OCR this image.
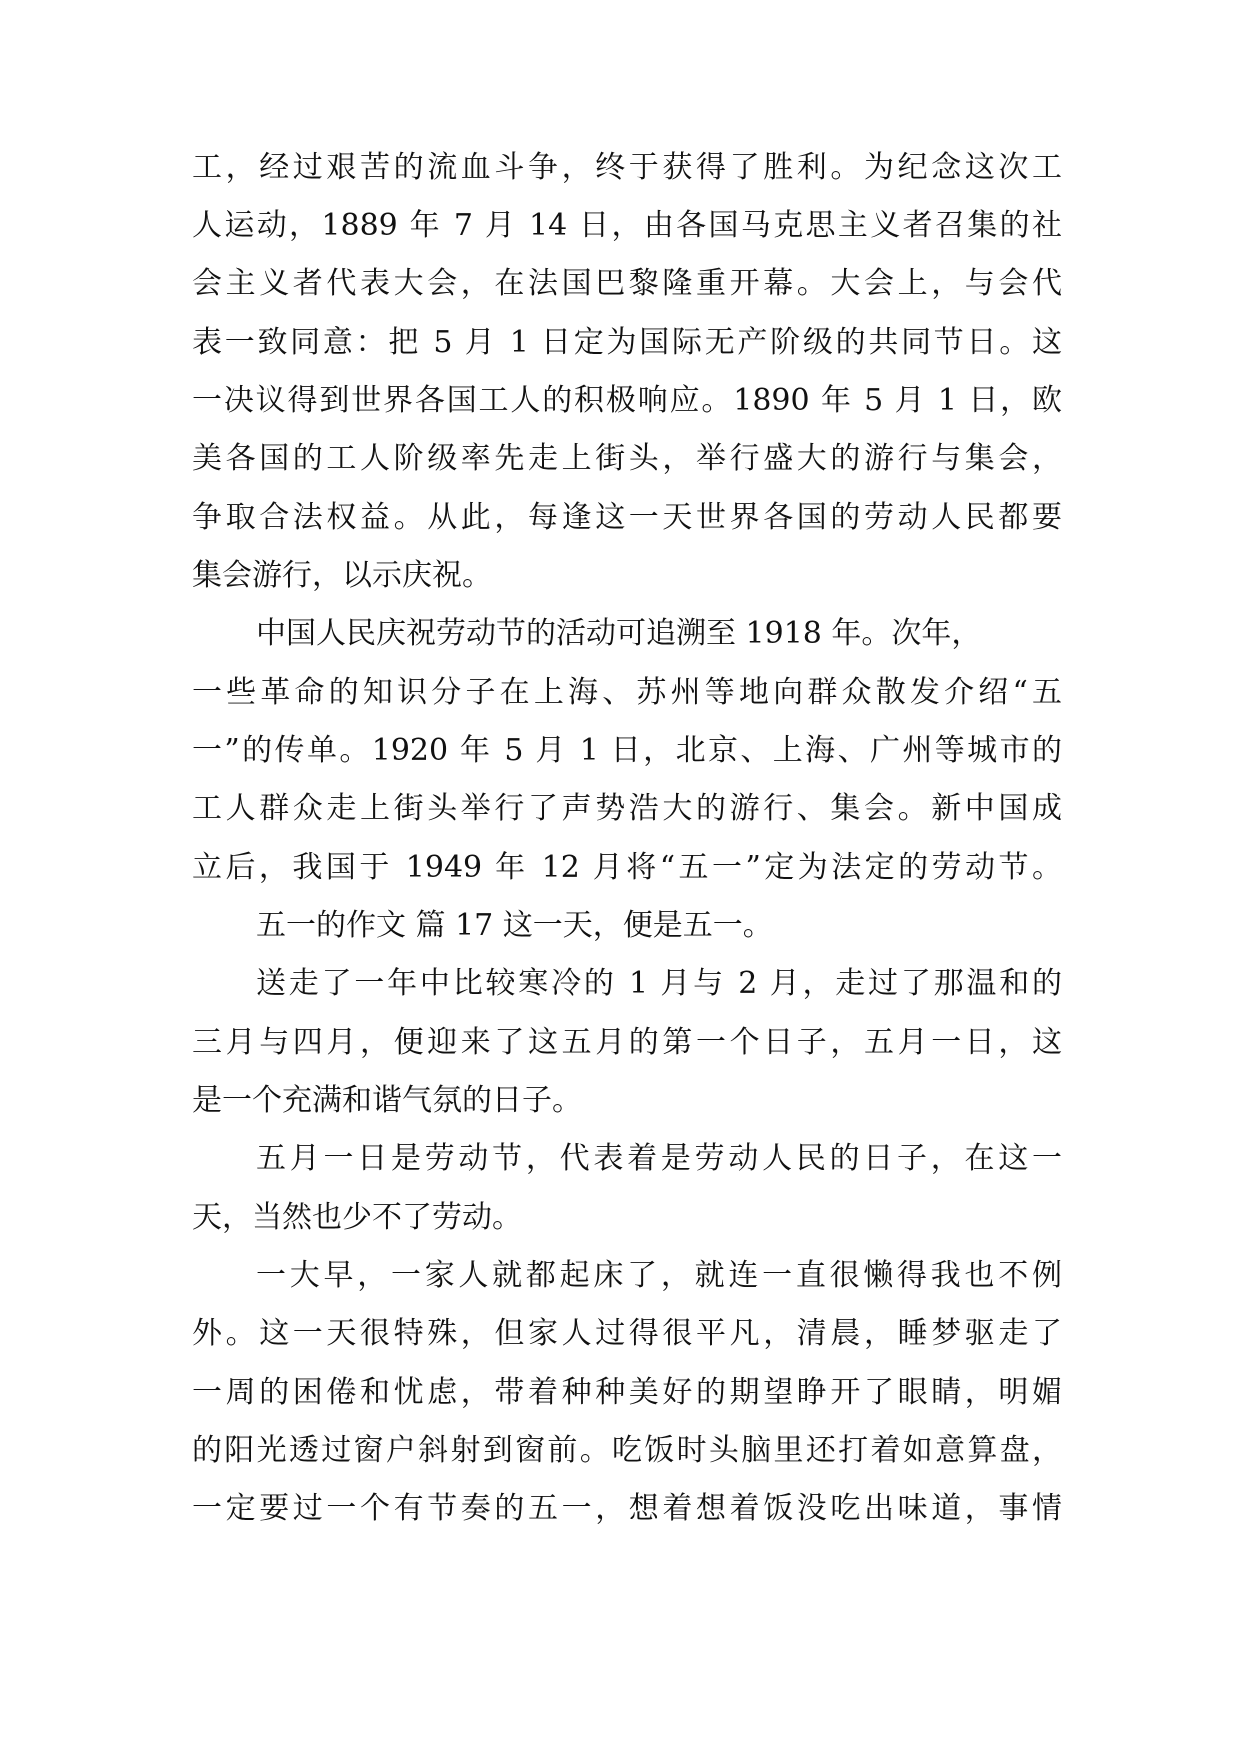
工，经过艰苦的流血斗争，终于获得了胜利。为纪念这次工
人运动，1889 年 7 月 14 日，由各国马克思主义者召集的社
会主义者代表大会，在法国巴黎隆重开幕。大会上，与会代
表一致同意：把 5 月 1 日定为国际无产阶级的共同节日。这
一决议得到世界各国工人的积极响应。1890 年 5 月 1 日，欧
美各国的工人阶级率先走上街头，举行盛大的游行与集会，
争取合法权益。从此，每逢这一天世界各国的劳动人民都要
集会游行，以示庆祝。
中国人民庆祝劳动节的活动可追溯至 1918 年。次年，
一些革命的知识分子在上海、苏州等地向群众散发介绍“五
一”的传单。1920 年 5 月 1 日，北京、上海、广州等城市的
工人群众走上街头举行了声势浩大的游行、集会。新中国成
立后，我国于 1949 年 12 月将“五一”定为法定的劳动节。
五一的作文 篇 17 这一天，便是五一。
送走了一年中比较寒冷的 1 月与 2 月，走过了那温和的
三月与四月，便迎来了这五月的第一个日子，五月一日，这
是一个充满和谐气氛的日子。
五月一日是劳动节，代表着是劳动人民的日子，在这一
天，当然也少不了劳动。
一大早，一家人就都起床了，就连一直很懒得我也不例
外。这一天很特殊，但家人过得很平凡，清晨，睡梦驱走了
一周的困倦和忧虑，带着种种美好的期望睁开了眼睛，明媚
的阳光透过窗户斜射到窗前。吃饭时头脑里还打着如意算盘，
一定要过一个有节奏的五一，想着想着饭没吃出味道，事情
